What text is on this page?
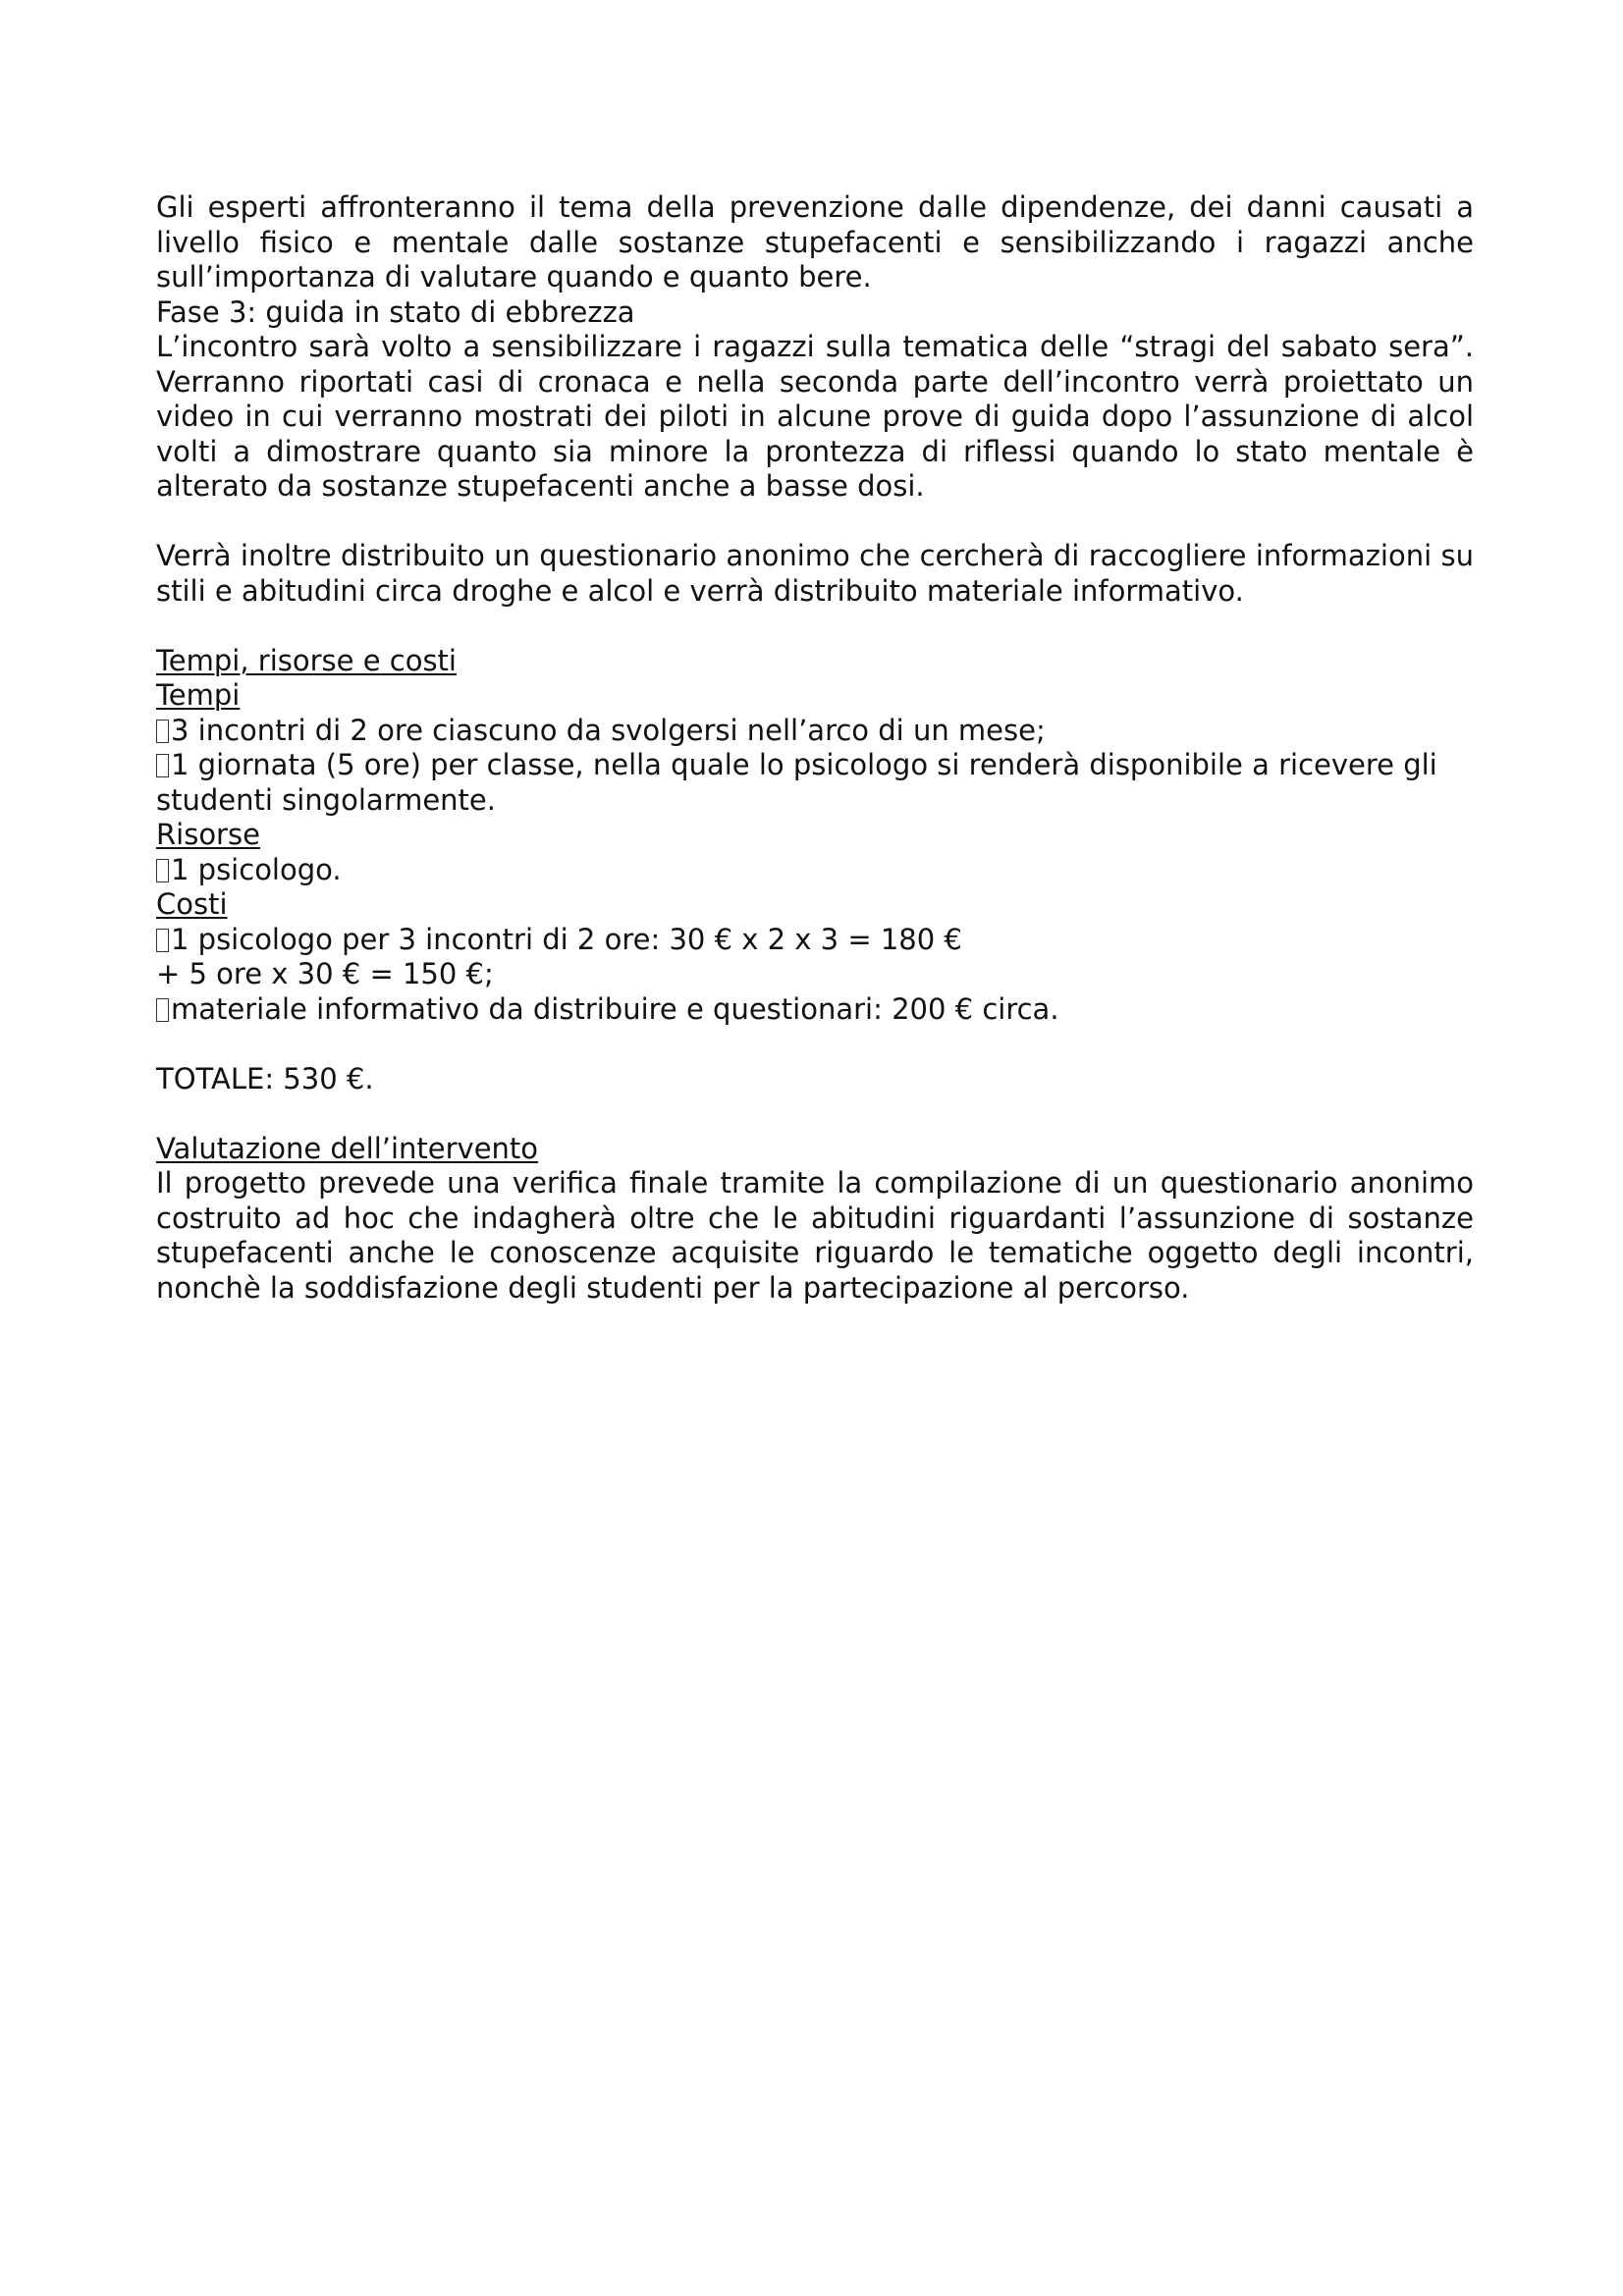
Gli esperti affronteranno il tema della prevenzione dalle dipendenze, dei danni causati a livello fisico e mentale dalle sostanze stupefacenti e sensibilizzando i ragazzi anche sull’importanza di valutare quando e quanto bere.

Fase 3: guida in stato di ebbrezza

L’incontro sarà volto a sensibilizzare i ragazzi sulla tematica delle “stragi del sabato sera”. Verranno riportati casi di cronaca e nella seconda parte dell’incontro verrà proiettato un video in cui verranno mostrati dei piloti in alcune prove di guida dopo l’assunzione di alcol volti a dimostrare quanto sia minore la prontezza di riflessi quando lo stato mentale è alterato da sostanze stupefacenti anche a basse dosi.

Verrà inoltre distribuito un questionario anonimo che cercherà di raccogliere informazioni su stili e abitudini circa droghe e alcol e verrà distribuito materiale informativo.

Tempi, risorse e costi

Tempi

3 incontri di 2 ore ciascuno da svolgersi nell’arco di un mese;

1 giornata (5 ore) per classe, nella quale lo psicologo si renderà disponibile a ricevere gli studenti singolarmente.

Risorse

1 psicologo.

Costi

1 psicologo per 3 incontri di 2 ore: 30 € x 2 x 3 = 180 €

+ 5 ore x 30 € = 150 €;

materiale informativo da distribuire e questionari: 200 € circa.

TOTALE: 530 €.

Valutazione dell’intervento

Il progetto prevede una verifica finale tramite la compilazione di un questionario anonimo costruito ad hoc che indagherà oltre che le abitudini riguardanti l’assunzione di sostanze stupefacenti anche le conoscenze acquisite riguardo le tematiche oggetto degli incontri, nonchè la soddisfazione degli studenti per la partecipazione al percorso.
